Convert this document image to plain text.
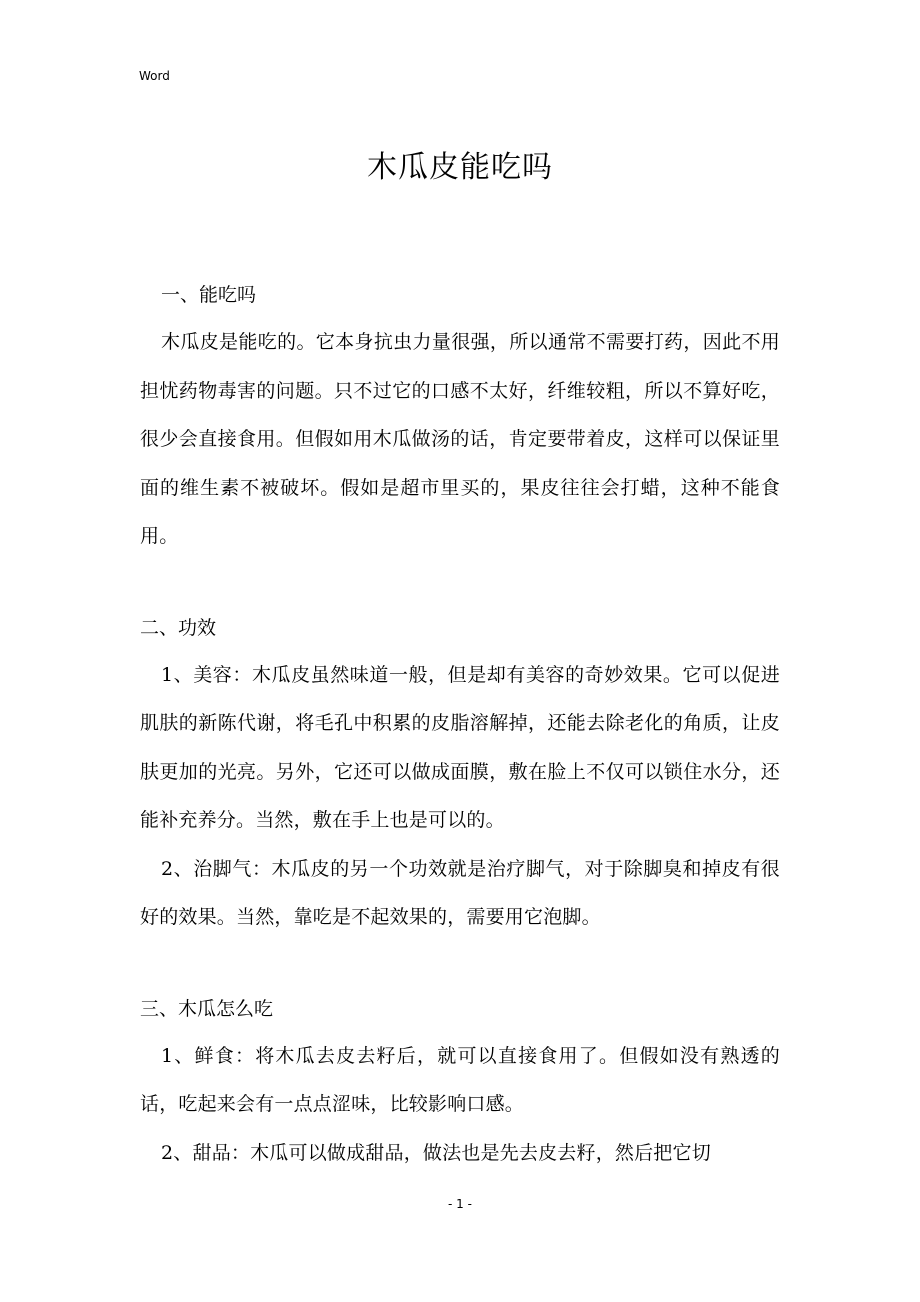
Word
木瓜皮能吃吗

一、能吃吗

木瓜皮是能吃的。它本身抗虫力量很强，所以通常不需要打药，因此不用担忧药物毒害的问题。只不过它的口感不太好，纤维较粗，所以不算好吃，很少会直接食用。但假如用木瓜做汤的话，肯定要带着皮，这样可以保证里面的维生素不被破坏。假如是超市里买的，果皮往往会打蜡，这种不能食用。

二、功效

1、美容：木瓜皮虽然味道一般，但是却有美容的奇妙效果。它可以促进肌肤的新陈代谢，将毛孔中积累的皮脂溶解掉，还能去除老化的角质，让皮肤更加的光亮。另外，它还可以做成面膜，敷在脸上不仅可以锁住水分，还能补充养分。当然，敷在手上也是可以的。

2、治脚气：木瓜皮的另一个功效就是治疗脚气，对于除脚臭和掉皮有很好的效果。当然，靠吃是不起效果的，需要用它泡脚。

三、木瓜怎么吃

1、鲜食：将木瓜去皮去籽后，就可以直接食用了。但假如没有熟透的话，吃起来会有一点点涩味，比较影响口感。

2、甜品：木瓜可以做成甜品，做法也是先去皮去籽，然后把它切

- 1 -
